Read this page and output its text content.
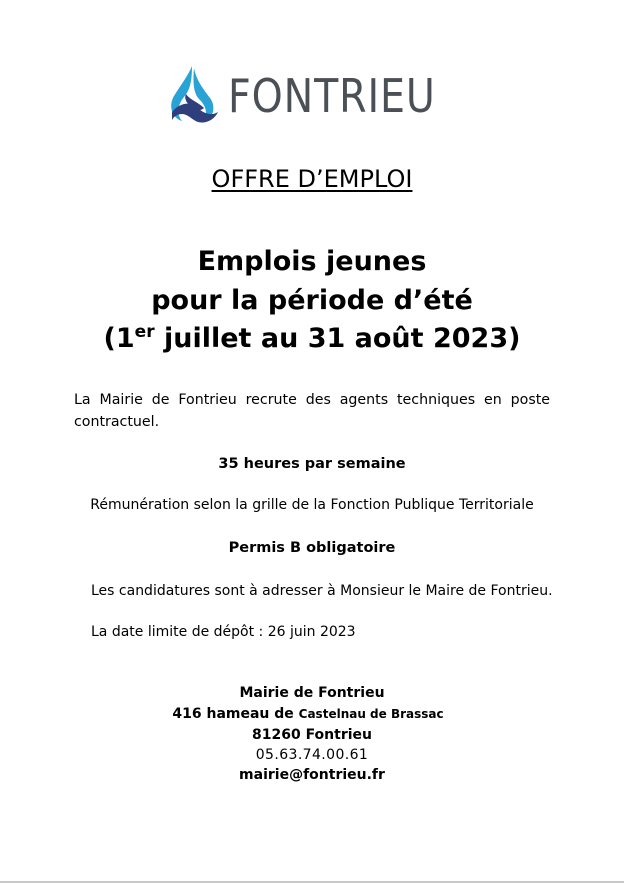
FONTRIEU
OFFRE D’EMPLOI
Emplois jeunes
pour la période d’été
(1er juillet au 31 août 2023)
La Mairie de Fontrieu recrute des agents techniques en poste contractuel.
35 heures par semaine
Rémunération selon la grille de la Fonction Publique Territoriale
Permis B obligatoire
Les candidatures sont à adresser à Monsieur le Maire de Fontrieu.
La date limite de dépôt : 26 juin 2023
Mairie de Fontrieu
416 hameau de Castelnau de Brassac
81260 Fontrieu
05.63.74.00.61
mairie@fontrieu.fr
